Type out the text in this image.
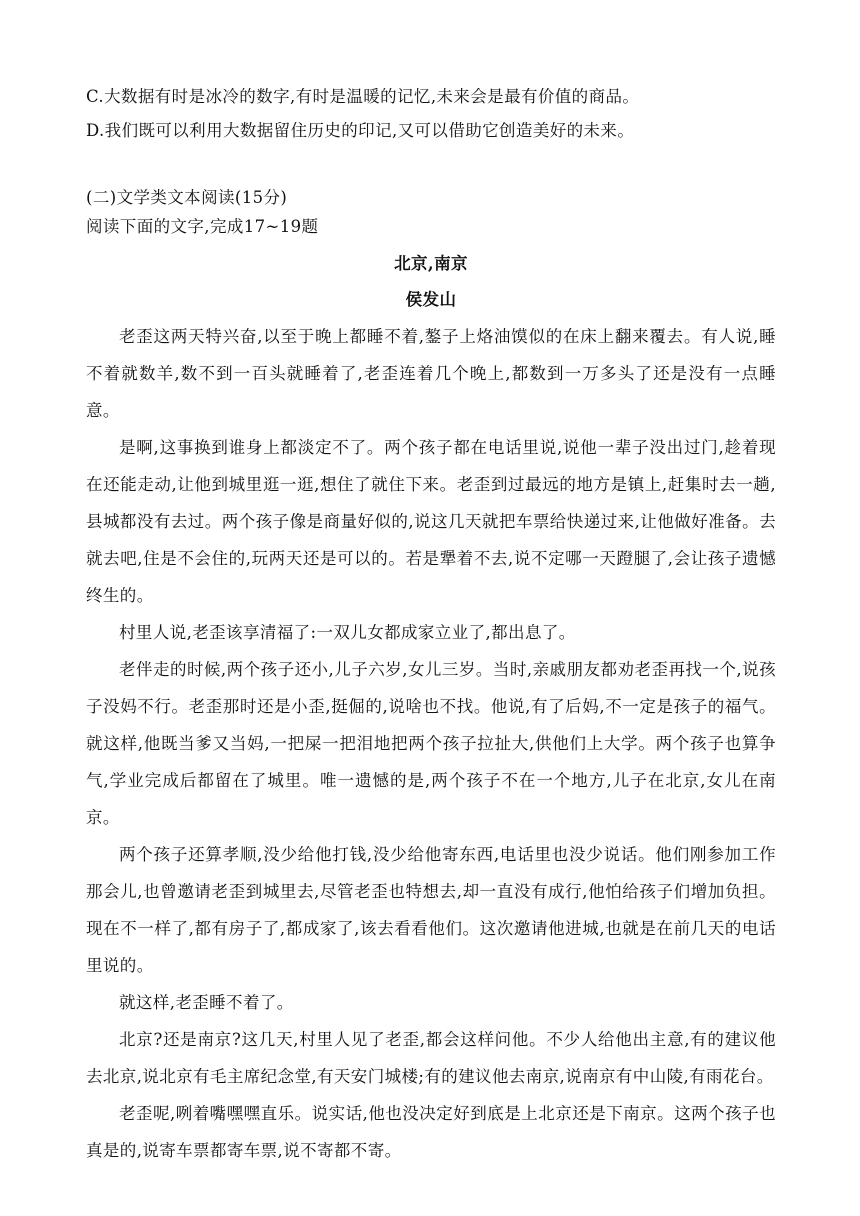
C.大数据有时是冰冷的数字,有时是温暖的记忆,未来会是最有价值的商品。
D.我们既可以利用大数据留住历史的印记,又可以借助它创造美好的未来。
(二)文学类文本阅读(15分)
阅读下面的文字,完成17~19题
北京,南京
侯发山

老歪这两天特兴奋,以至于晚上都睡不着,鏊子上烙油馍似的在床上翻来覆去。有人说,睡不着就数羊,数不到一百头就睡着了,老歪连着几个晚上,都数到一万多头了还是没有一点睡意。

是啊,这事换到谁身上都淡定不了。两个孩子都在电话里说,说他一辈子没出过门,趁着现在还能走动,让他到城里逛一逛,想住了就住下来。老歪到过最远的地方是镇上,赶集时去一趟,县城都没有去过。两个孩子像是商量好似的,说这几天就把车票给快递过来,让他做好准备。去就去吧,住是不会住的,玩两天还是可以的。若是犟着不去,说不定哪一天蹬腿了,会让孩子遗憾终生的。

村里人说,老歪该享清福了:一双儿女都成家立业了,都出息了。

老伴走的时候,两个孩子还小,儿子六岁,女儿三岁。当时,亲戚朋友都劝老歪再找一个,说孩子没妈不行。老歪那时还是小歪,挺倔的,说啥也不找。他说,有了后妈,不一定是孩子的福气。就这样,他既当爹又当妈,一把屎一把泪地把两个孩子拉扯大,供他们上大学。两个孩子也算争气,学业完成后都留在了城里。唯一遗憾的是,两个孩子不在一个地方,儿子在北京,女儿在南京。

两个孩子还算孝顺,没少给他打钱,没少给他寄东西,电话里也没少说话。他们刚参加工作那会儿,也曾邀请老歪到城里去,尽管老歪也特想去,却一直没有成行,他怕给孩子们增加负担。现在不一样了,都有房子了,都成家了,该去看看他们。这次邀请他进城,也就是在前几天的电话里说的。

就这样,老歪睡不着了。

北京?还是南京?这几天,村里人见了老歪,都会这样问他。不少人给他出主意,有的建议他去北京,说北京有毛主席纪念堂,有天安门城楼;有的建议他去南京,说南京有中山陵,有雨花台。

老歪呢,咧着嘴嘿嘿直乐。说实话,他也没决定好到底是上北京还是下南京。这两个孩子也真是的,说寄车票都寄车票,说不寄都不寄。
